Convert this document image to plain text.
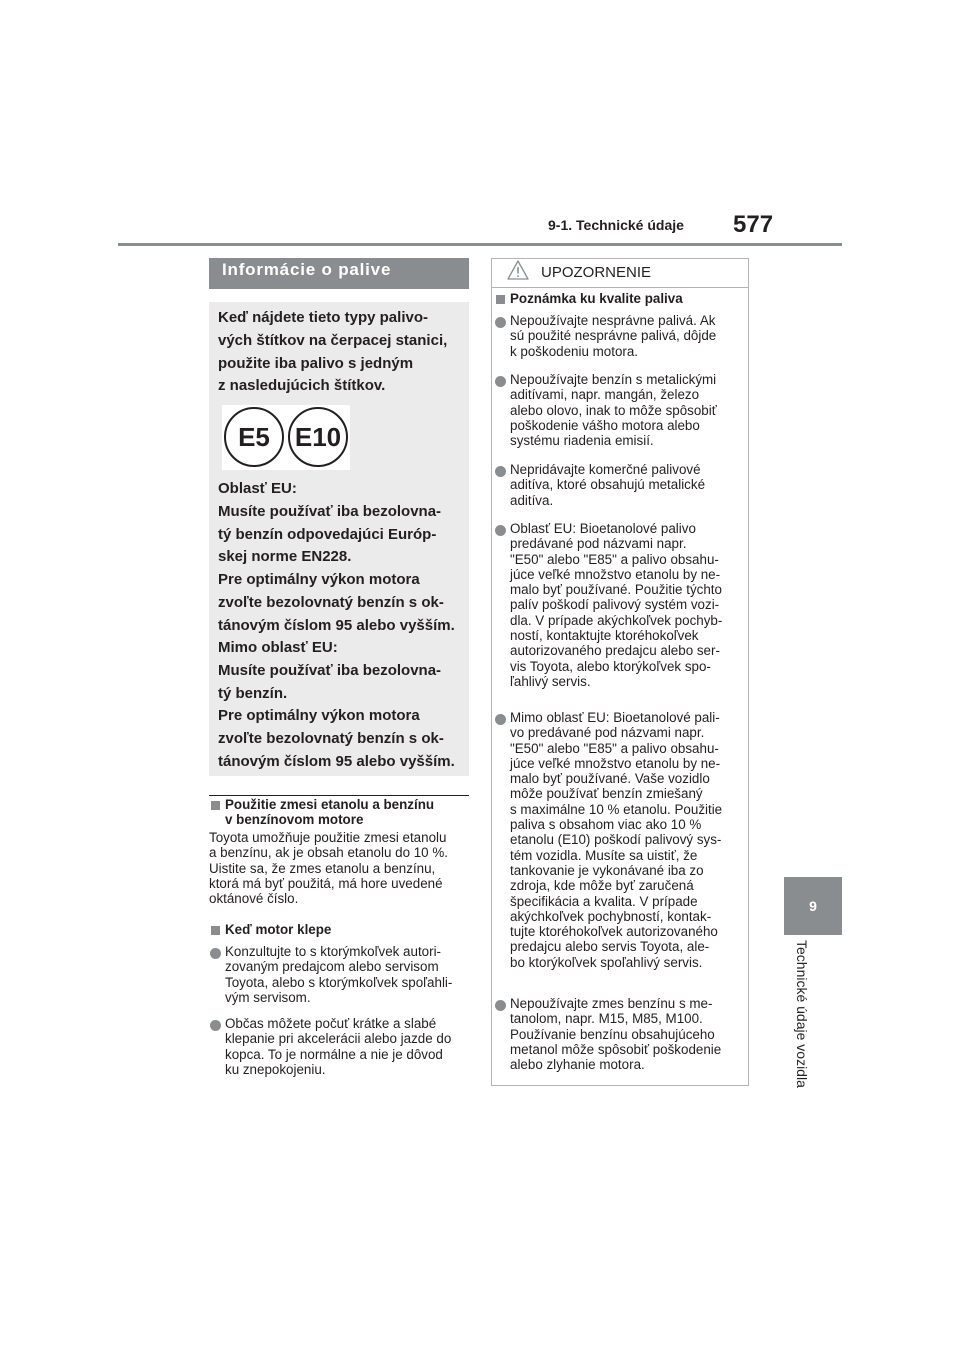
9-1. Technické údaje 577
9
Technické údaje vozidla
Informácie o palive
Keď nájdete tieto typy palivo-
vých štítkov na čerpacej stanici,
použite iba palivo s jedným
z nasledujúcich štítkov.
E5 E10
Oblasť EU:
Musíte používať iba bezolovna-
tý benzín odpovedajúci Európ-
skej norme EN228.
Pre optimálny výkon motora
zvoľte bezolovnatý benzín s ok-
tánovým číslom 95 alebo vyšším.
Mimo oblasť EU:
Musíte používať iba bezolovna-
tý benzín.
Pre optimálny výkon motora
zvoľte bezolovnatý benzín s ok-
tánovým číslom 95 alebo vyšším.
Použitie zmesi etanolu a benzínu
v benzínovom motore
Toyota umožňuje použitie zmesi etanolu
a benzínu, ak je obsah etanolu do 10 %.
Uistite sa, že zmes etanolu a benzínu,
ktorá má byť použitá, má hore uvedené
oktánové číslo.
Keď motor klepe
Konzultujte to s ktorýmkoľvek autori-
zovaným predajcom alebo servisom
Toyota, alebo s ktorýmkoľvek spoľahli-
vým servisom.
Občas môžete počuť krátke a slabé
klepanie pri akcelerácii alebo jazde do
kopca. To je normálne a nie je dôvod
ku znepokojeniu.
UPOZORNENIE
Poznámka ku kvalite paliva
Nepoužívajte nesprávne palivá. Ak
sú použité nesprávne palivá, dôjde
k poškodeniu motora.
Nepoužívajte benzín s metalickými
aditívami, napr. mangán, železo
alebo olovo, inak to môže spôsobiť
poškodenie vášho motora alebo
systému riadenia emisií.
Nepridávajte komerčné palivové
aditíva, ktoré obsahujú metalické
aditíva.
Oblasť EU: Bioetanolové palivo
predávané pod názvami napr.
"E50" alebo "E85" a palivo obsahu-
júce veľké množstvo etanolu by ne-
malo byť používané. Použitie týchto
palív poškodí palivový systém vozi-
dla. V prípade akýchkoľvek pochyb-
ností, kontaktujte ktoréhokoľvek
autorizovaného predajcu alebo ser-
vis Toyota, alebo ktorýkoľvek spo-
ľahlivý servis.
Mimo oblasť EU: Bioetanolové pali-
vo predávané pod názvami napr.
"E50" alebo "E85" a palivo obsahu-
júce veľké množstvo etanolu by ne-
malo byť používané. Vaše vozidlo
môže používať benzín zmiešaný
s maximálne 10 % etanolu. Použitie
paliva s obsahom viac ako 10 %
etanolu (E10) poškodí palivový sys-
tém vozidla. Musíte sa uistiť, že
tankovanie je vykonávané iba zo
zdroja, kde môže byť zaručená
špecifikácia a kvalita. V prípade
akýchkoľvek pochybností, kontak-
tujte ktoréhokoľvek autorizovaného
predajcu alebo servis Toyota, ale-
bo ktorýkoľvek spoľahlivý servis.
Nepoužívajte zmes benzínu s me-
tanolom, napr. M15, M85, M100.
Používanie benzínu obsahujúceho
metanol môže spôsobiť poškodenie
alebo zlyhanie motora.
